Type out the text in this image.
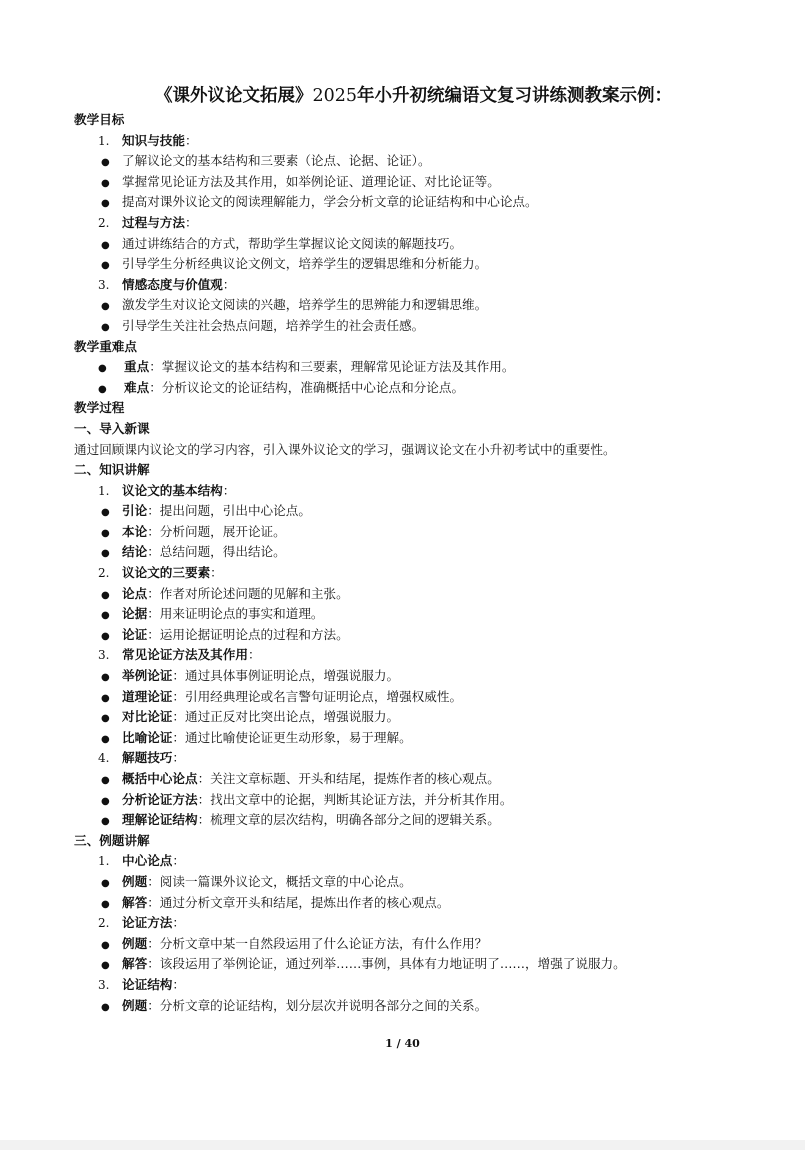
《课外议论文拓展》2025年小升初统编语文复习讲练测教案示例：
教学目标
1. 知识与技能：
● 了解议论文的基本结构和三要素（论点、论据、论证）。
● 掌握常见论证方法及其作用，如举例论证、道理论证、对比论证等。
● 提高对课外议论文的阅读理解能力，学会分析文章的论证结构和中心论点。
2. 过程与方法：
● 通过讲练结合的方式，帮助学生掌握议论文阅读的解题技巧。
● 引导学生分析经典议论文例文，培养学生的逻辑思维和分析能力。
3. 情感态度与价值观：
● 激发学生对议论文阅读的兴趣，培养学生的思辨能力和逻辑思维。
● 引导学生关注社会热点问题，培养学生的社会责任感。
教学重难点
● 重点：掌握议论文的基本结构和三要素，理解常见论证方法及其作用。
● 难点：分析议论文的论证结构，准确概括中心论点和分论点。
教学过程
一、导入新课
通过回顾课内议论文的学习内容，引入课外议论文的学习，强调议论文在小升初考试中的重要性。
二、知识讲解
1. 议论文的基本结构：
● 引论：提出问题，引出中心论点。
● 本论：分析问题，展开论证。
● 结论：总结问题，得出结论。
2. 议论文的三要素：
● 论点：作者对所论述问题的见解和主张。
● 论据：用来证明论点的事实和道理。
● 论证：运用论据证明论点的过程和方法。
3. 常见论证方法及其作用：
● 举例论证：通过具体事例证明论点，增强说服力。
● 道理论证：引用经典理论或名言警句证明论点，增强权威性。
● 对比论证：通过正反对比突出论点，增强说服力。
● 比喻论证：通过比喻使论证更生动形象，易于理解。
4. 解题技巧：
● 概括中心论点：关注文章标题、开头和结尾，提炼作者的核心观点。
● 分析论证方法：找出文章中的论据，判断其论证方法，并分析其作用。
● 理解论证结构：梳理文章的层次结构，明确各部分之间的逻辑关系。
三、例题讲解
1. 中心论点：
● 例题：阅读一篇课外议论文，概括文章的中心论点。
● 解答：通过分析文章开头和结尾，提炼出作者的核心观点。
2. 论证方法：
● 例题：分析文章中某一自然段运用了什么论证方法，有什么作用？
● 解答：该段运用了举例论证，通过列举……事例，具体有力地证明了……，增强了说服力。
3. 论证结构：
● 例题：分析文章的论证结构，划分层次并说明各部分之间的关系。
1 / 40
